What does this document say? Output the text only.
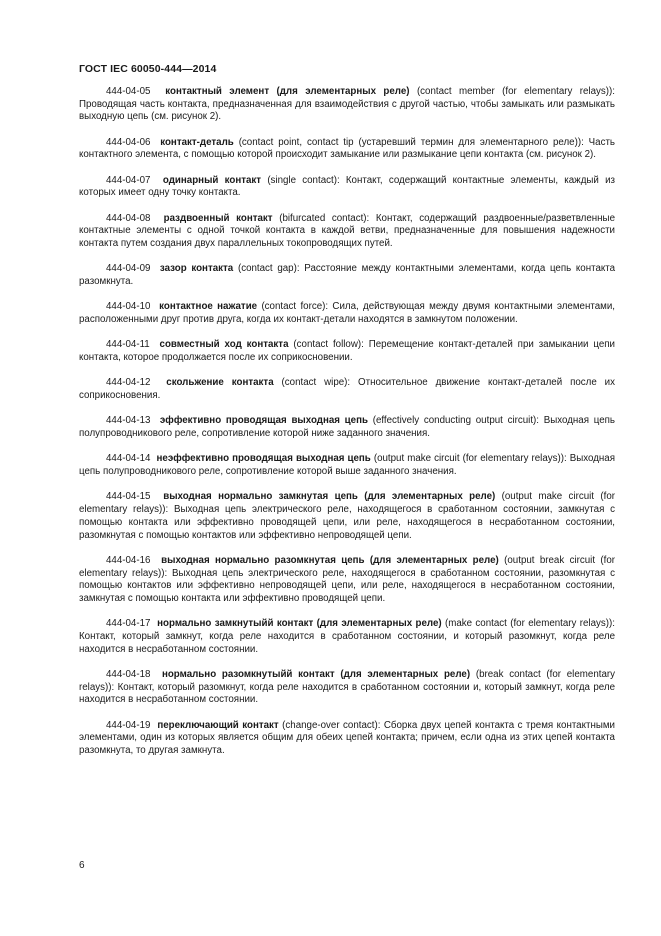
ГОСТ IEC 60050-444—2014

444-04-05 контактный элемент (для элементарных реле) (contact member (for elementary relays)): Проводящая часть контакта, предназначенная для взаимодействия с другой частью, чтобы замыкать или размыкать выходную цепь (см. рисунок 2).

444-04-06 контакт-деталь (contact point, contact tip (устаревший термин для элементарного реле)): Часть контактного элемента, с помощью которой происходит замыкание или размыкание цепи контакта (см. рисунок 2).

444-04-07 одинарный контакт (single contact): Контакт, содержащий контактные элементы, каждый из которых имеет одну точку контакта.

444-04-08 раздвоенный контакт (bifurcated contact): Контакт, содержащий раздвоенные/разветвленные контактные элементы с одной точкой контакта в каждой ветви, предназначенные для повышения надежности контакта путем создания двух параллельных токопроводящих путей.

444-04-09 зазор контакта (contact gap): Расстояние между контактными элементами, когда цепь контакта разомкнута.

444-04-10 контактное нажатие (contact force): Сила, действующая между двумя контактными элементами, расположенными друг против друга, когда их контакт-детали находятся в замкнутом положении.

444-04-11 совместный ход контакта (contact follow): Перемещение контакт-деталей при замыкании цепи контакта, которое продолжается после их соприкосновении.

444-04-12 скольжение контакта (contact wipe): Относительное движение контакт-деталей после их соприкосновения.

444-04-13 эффективно проводящая выходная цепь (effectively conducting output circuit): Выходная цепь полупроводникового реле, сопротивление которой ниже заданного значения.

444-04-14 неэффективно проводящая выходная цепь (output make circuit (for elementary relays)): Выходная цепь полупроводникового реле, сопротивление которой выше заданного значения.

444-04-15 выходная нормально замкнутая цепь (для элементарных реле) (output make circuit (for elementary relays)): Выходная цепь электрического реле, находящегося в сработанном состоянии, замкнутая с помощью контакта или эффективно проводящей цепи, или реле, находящегося в несработанном состоянии, разомкнутая с помощью контактов или эффективно непроводящей цепи.

444-04-16 выходная нормально разомкнутая цепь (для элементарных реле) (output break circuit (for elementary relays)): Выходная цепь электрического реле, находящегося в сработанном состоянии, разомкнутая с помощью контактов или эффективно непроводящей цепи, или реле, находящегося в несработанном состоянии, замкнутая с помощью контакта или эффективно проводящей цепи.

444-04-17 нормально замкнутыйй контакт (для элементарных реле) (make contact (for elementary relays)): Контакт, который замкнут, когда реле находится в сработанном состоянии, и который разомкнут, когда реле находится в несработанном состоянии.

444-04-18 нормально разомкнутыйй контакт (для элементарных реле) (break contact (for elementary relays)): Контакт, который разомкнут, когда реле находится в сработанном состоянии и, который замкнут, когда реле находится в несработанном состоянии.

444-04-19 переключающий контакт (change-over contact): Сборка двух цепей контакта с тремя контактными элементами, один из которых является общим для обеих цепей контакта; причем, если одна из этих цепей контакта разомкнута, то другая замкнута.

6
